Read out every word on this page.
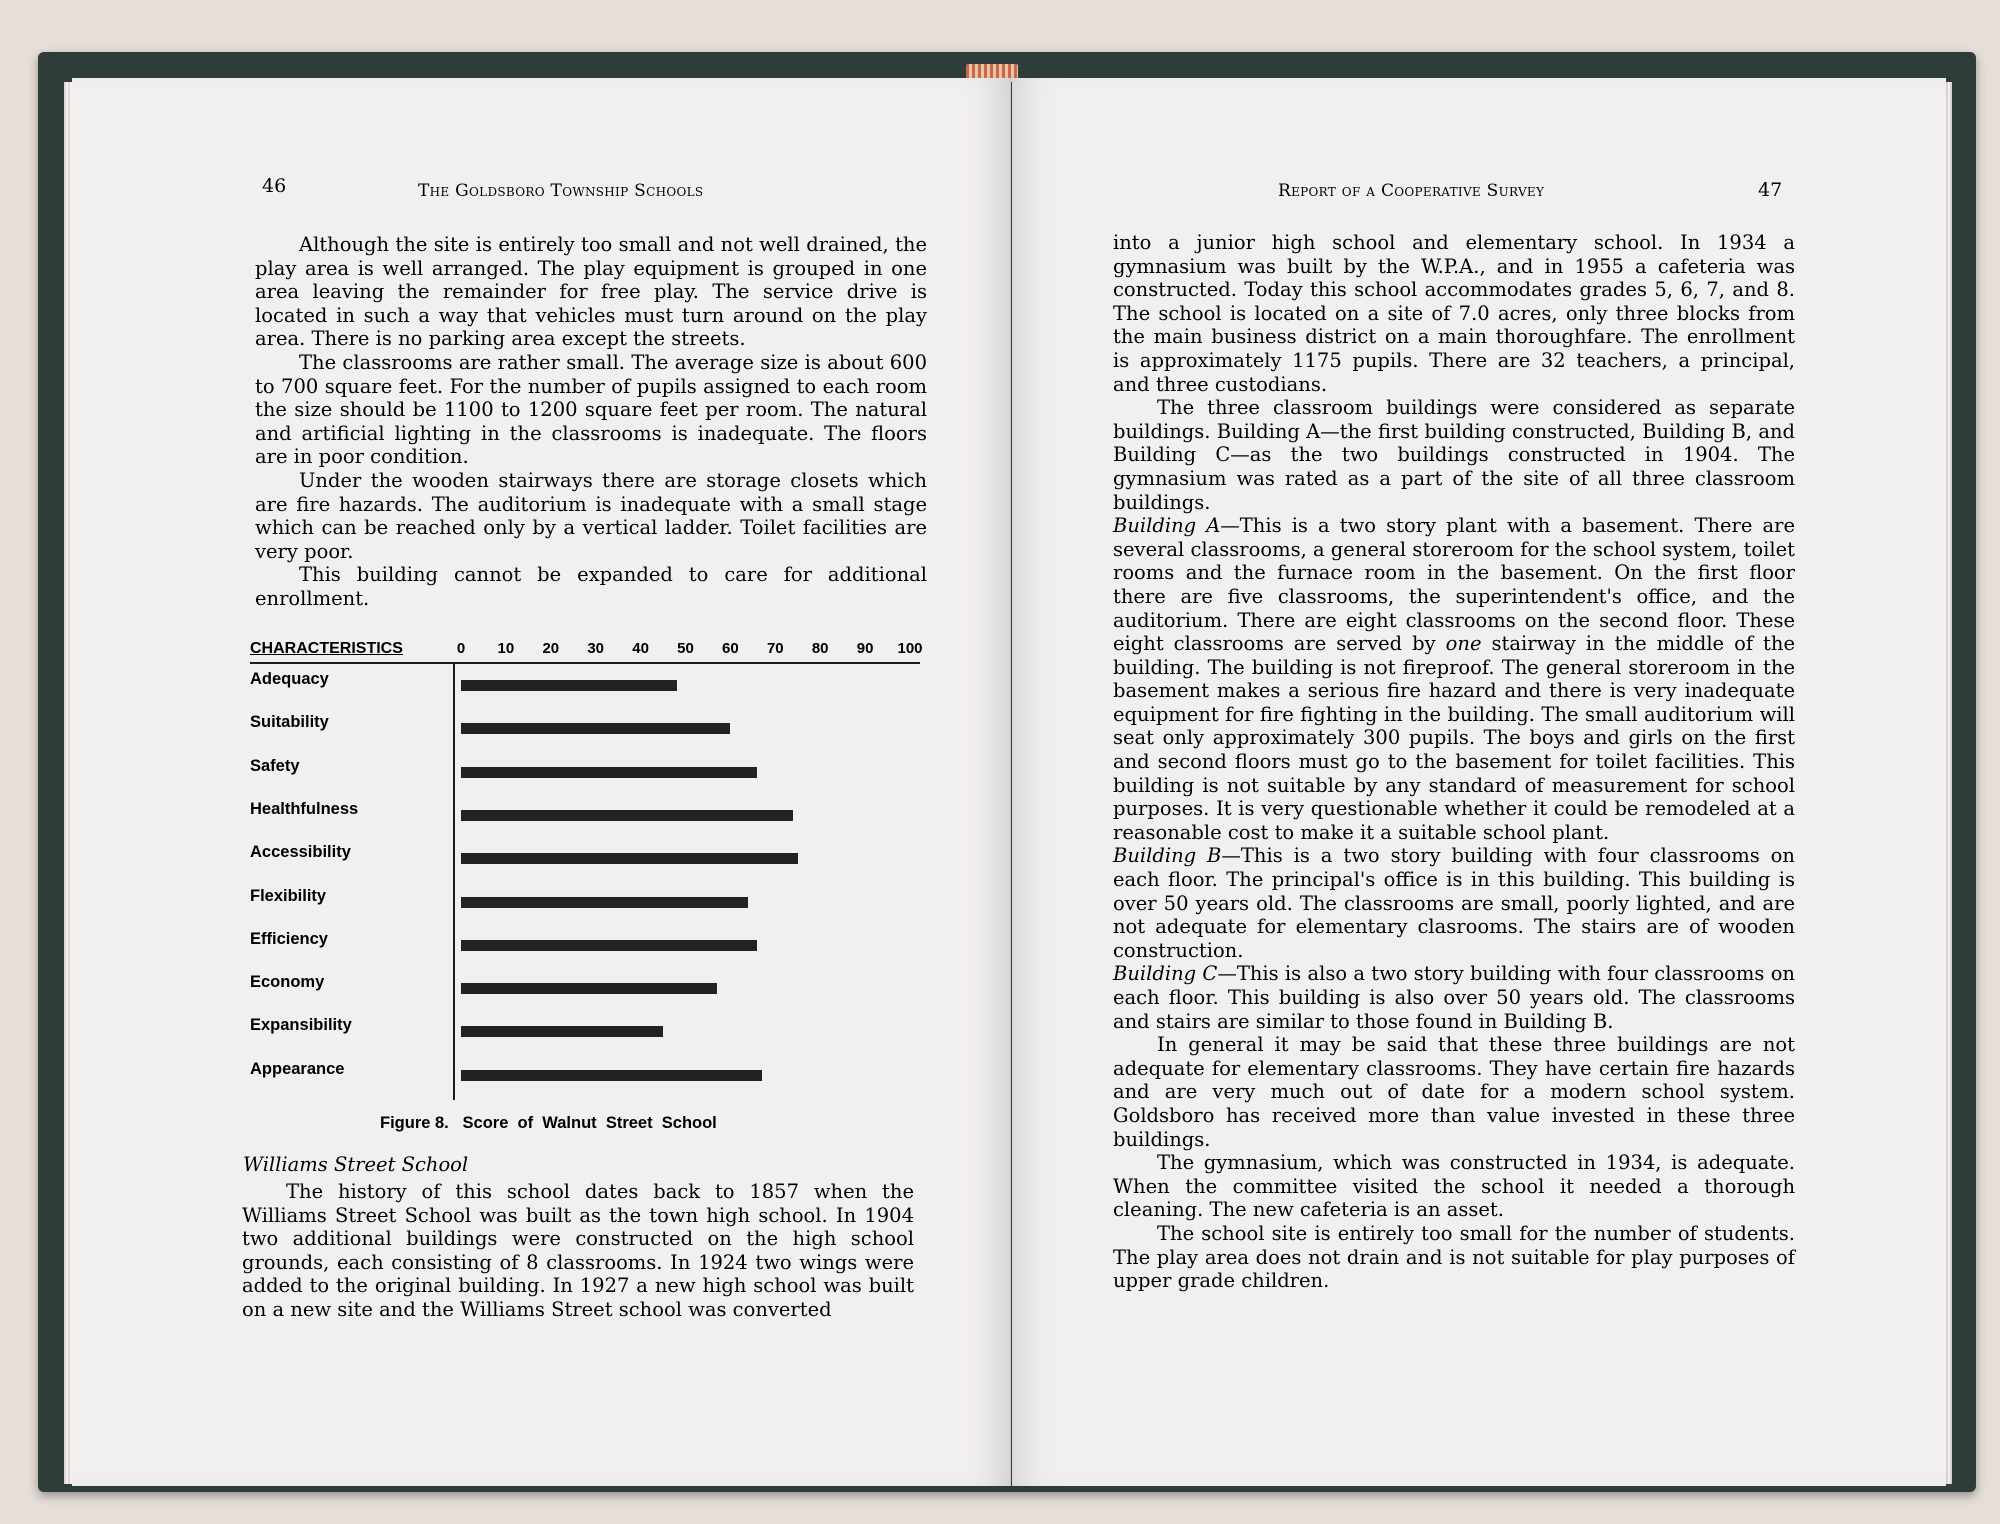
46	The Goldsboro Township Schools

Although the site is entirely too small and not well drained, the play area is well arranged. The play equipment is grouped in one area leaving the remainder for free play. The service drive is located in such a way that vehicles must turn around on the play area. There is no parking area except the streets.

The classrooms are rather small. The average size is about 600 to 700 square feet. For the number of pupils assigned to each room the size should be 1100 to 1200 square feet per room. The natural and artificial lighting in the classrooms is inadequate. The floors are in poor condition.

Under the wooden stairways there are storage closets which are fire hazards. The auditorium is inadequate with a small stage which can be reached only by a vertical ladder. Toilet facilities are very poor.

This building cannot be expanded to care for additional enrollment.

CHARACTERISTICS	0 10 20 30 40 50 60 70 80 90 100
Adequacy
Suitability
Safety
Healthfulness
Accessibility
Flexibility
Efficiency
Economy
Expansibility
Appearance
Figure 8.   Score  of  Walnut  Street  School
Williams Street School

The history of this school dates back to 1857 when the Williams Street School was built as the town high school. In 1904 two additional buildings were constructed on the high school grounds, each consisting of 8 classrooms. In 1924 two wings were added to the original building. In 1927 a new high school was built on a new site and the Williams Street school was converted

Report of a Cooperative Survey	47

into a junior high school and elementary school. In 1934 a gymnasium was built by the W.P.A., and in 1955 a cafeteria was constructed. Today this school accommodates grades 5, 6, 7, and 8. The school is located on a site of 7.0 acres, only three blocks from the main business district on a main thoroughfare. The enrollment is approximately 1175 pupils. There are 32 teachers, a principal, and three custodians.

The three classroom buildings were considered as separate buildings. Building A—the first building constructed, Building B, and Building C—as the two buildings constructed in 1904. The gymnasium was rated as a part of the site of all three classroom buildings.

Building A—This is a two story plant with a basement. There are several classrooms, a general storeroom for the school system, toilet rooms and the furnace room in the basement. On the first floor there are five classrooms, the superintendent's office, and the auditorium. There are eight classrooms on the second floor. These eight classrooms are served by one stairway in the middle of the building. The building is not fireproof. The general storeroom in the basement makes a serious fire hazard and there is very inadequate equipment for fire fighting in the building. The small auditorium will seat only approximately 300 pupils. The boys and girls on the first and second floors must go to the basement for toilet facilities. This building is not suitable by any standard of measurement for school purposes. It is very questionable whether it could be remodeled at a reasonable cost to make it a suitable school plant.

Building B—This is a two story building with four classrooms on each floor. The principal's office is in this building. This building is over 50 years old. The classrooms are small, poorly lighted, and are not adequate for elementary clasrooms. The stairs are of wooden construction.

Building C—This is also a two story building with four classrooms on each floor. This building is also over 50 years old. The classrooms and stairs are similar to those found in Building B.

In general it may be said that these three buildings are not adequate for elementary classrooms. They have certain fire hazards and are very much out of date for a modern school system. Goldsboro has received more than value invested in these three buildings.

The gymnasium, which was constructed in 1934, is adequate. When the committee visited the school it needed a thorough cleaning. The new cafeteria is an asset.

The school site is entirely too small for the number of students. The play area does not drain and is not suitable for play purposes of upper grade children.
